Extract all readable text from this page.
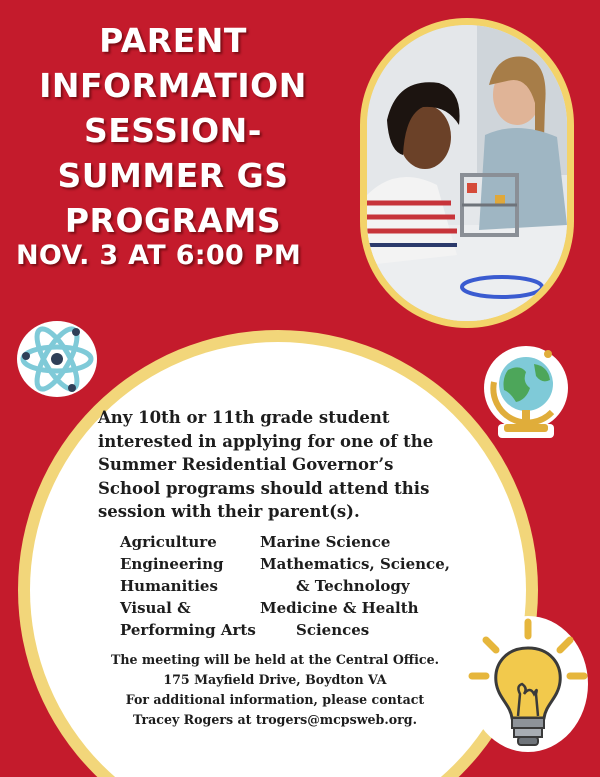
PARENT
INFORMATION
SESSION-
SUMMER GS
PROGRAMS
NOV. 3 AT 6:00 PM

Any 10th or 11th grade student interested in applying for one of the Summer Residential Governor’s School programs should attend this session with their parent(s).

Agriculture
Engineering
Humanities
Visual &
Performing Arts
Marine Science
Mathematics, Science,
& Technology
Medicine & Health
Sciences
The meeting will be held at the Central Office.
175 Mayfield Drive, Boydton VA
For additional information, please contact
Tracey Rogers at trogers@mcpsweb.org.
